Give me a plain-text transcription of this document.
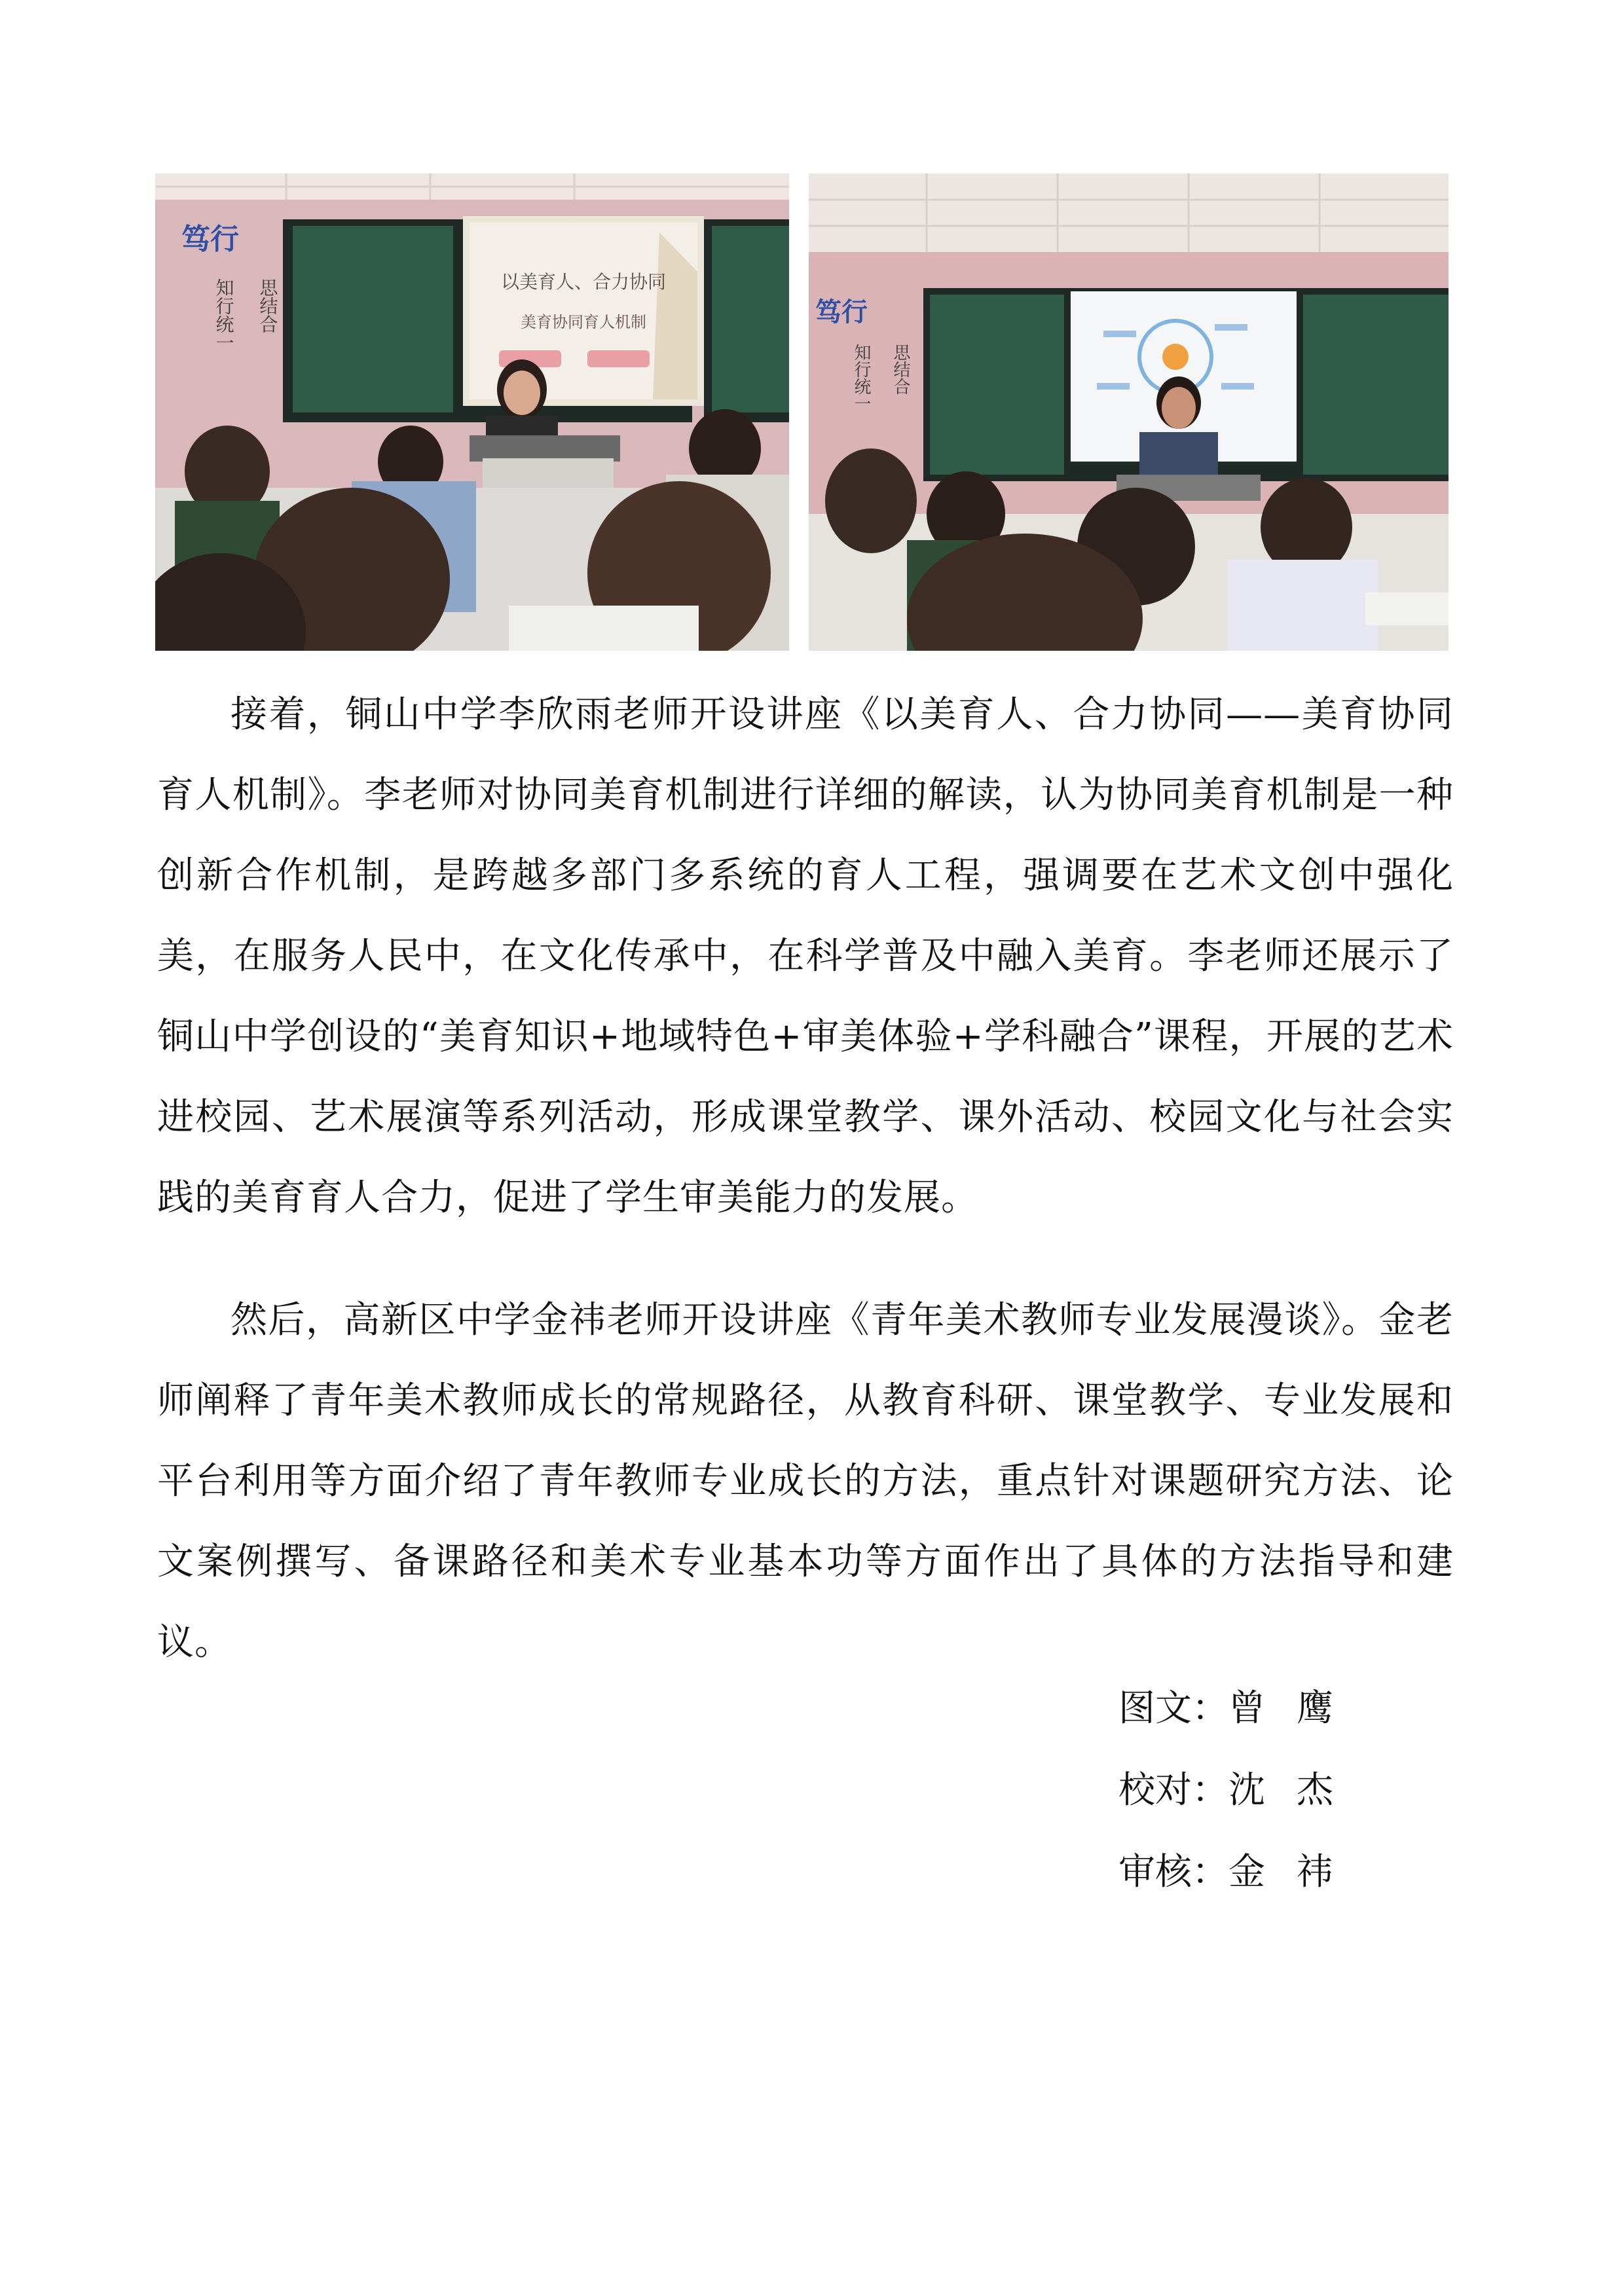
以美育人、合力协同
美育协同育人机制
笃行
知行统一 思结合	笃行
知行统一 思结合

接着，铜山中学李欣雨老师开设讲座《以美育人、合力协同——美育协同育人机制》。李老师对协同美育机制进行详细的解读，认为协同美育机制是一种创新合作机制，是跨越多部门多系统的育人工程，强调要在艺术文创中强化美，在服务人民中，在文化传承中，在科学普及中融入美育。李老师还展示了铜山中学创设的“美育知识+地域特色+审美体验+学科融合”课程，开展的艺术进校园、艺术展演等系列活动，形成课堂教学、课外活动、校园文化与社会实践的美育育人合力，促进了学生审美能力的发展。

然后，高新区中学金祎老师开设讲座《青年美术教师专业发展漫谈》。金老师阐释了青年美术教师成长的常规路径，从教育科研、课堂教学、专业发展和平台利用等方面介绍了青年教师专业成长的方法，重点针对课题研究方法、论文案例撰写、备课路径和美术专业基本功等方面作出了具体的方法指导和建议。

图文：曾鹰
校对：沈杰
审核：金祎
